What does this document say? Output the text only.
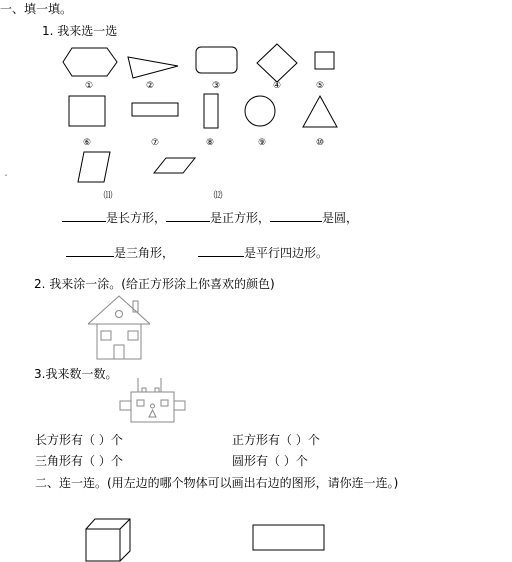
一、填一填。
1. 我来选一选
ˇ
①	②	③	④	⑤
⑥	⑦	⑧	⑨	⑩
⑾	⑿
是长方形，	是正方形，	是圆，
是三角形，	是平行四边形。
2. 我来涂一涂。(给正方形涂上你喜欢的颜色)
3.我来数一数。
长方形有（ ）个	正方形有（ ）个
三角形有（ ）个	圆形有（ ）个
二、连一连。(用左边的哪个物体可以画出右边的图形，请你连一连。)
